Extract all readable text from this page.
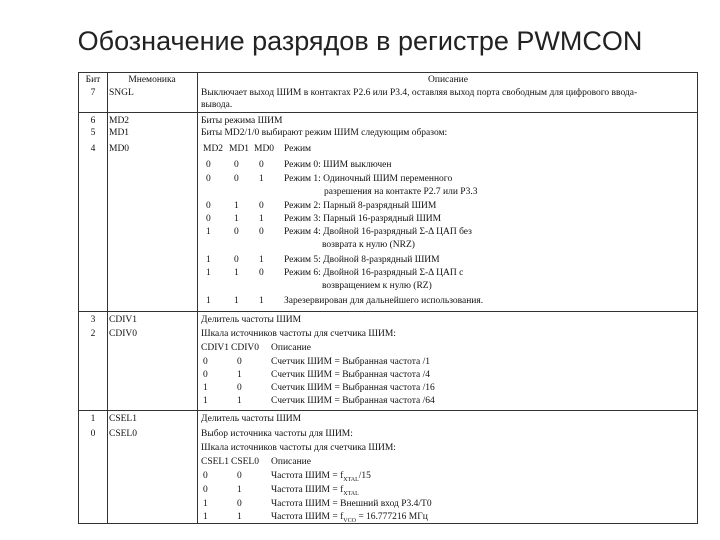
Обозначение разрядов в регистре PWMCON
Бит	Мнемоника	Описание
7	SNGL	Выключает выход ШИМ в контактах P2.6 или P3.4, оставляя выход порта свободным для цифрового ввода-
вывода.
6	MD2	Биты режима ШИМ
5	MD1	Биты MD2/1/0 выбирают режим ШИМ следующим образом:
4	MD0	MD2 MD1 MD0 Режим
0 0 0 Режим 0: ШИМ выключен
0 0 1 Режим 1: Одиночный ШИМ переменного
разрешения на контакте P2.7 или P3.3
0 1 0 Режим 2: Парный 8-разрядный ШИМ
0 1 1 Режим 3: Парный 16-разрядный ШИМ
1 0 0 Режим 4: Двойной 16-разрядный Σ-Δ ЦАП без
возврата к нулю (NRZ)
1 0 1 Режим 5: Двойной 8-разрядный ШИМ
1 1 0 Режим 6: Двойной 16-разрядный Σ-Δ ЦАП с
возвращением к нулю (RZ)
1 1 1 Зарезервирован для дальнейшего использования.
3	CDIV1	Делитель частоты ШИМ
2	CDIV0	Шкала источников частоты для счетчика ШИМ:
CDIV1 CDIV0 Описание
0	0	Счетчик ШИМ = Выбранная частота /1
0	1	Счетчик ШИМ = Выбранная частота /4
1	0	Счетчик ШИМ = Выбранная частота /16
1	1	Счетчик ШИМ = Выбранная частота /64
1	CSEL1	Делитель частоты ШИМ
0	CSEL0	Выбор источника частоты для ШИМ:
Шкала источников частоты для счетчика ШИМ:
CSEL1 CSEL0 Описание
0	0	Частота ШИМ = $f_{XTAL}/15$
0	1	Частота ШИМ = $f_{XTAL}$
1	0	Частота ШИМ = Внешний вход P3.4/T0
1	1	Частота ШИМ = $f_{VCO} = 16.777216$ МГц
